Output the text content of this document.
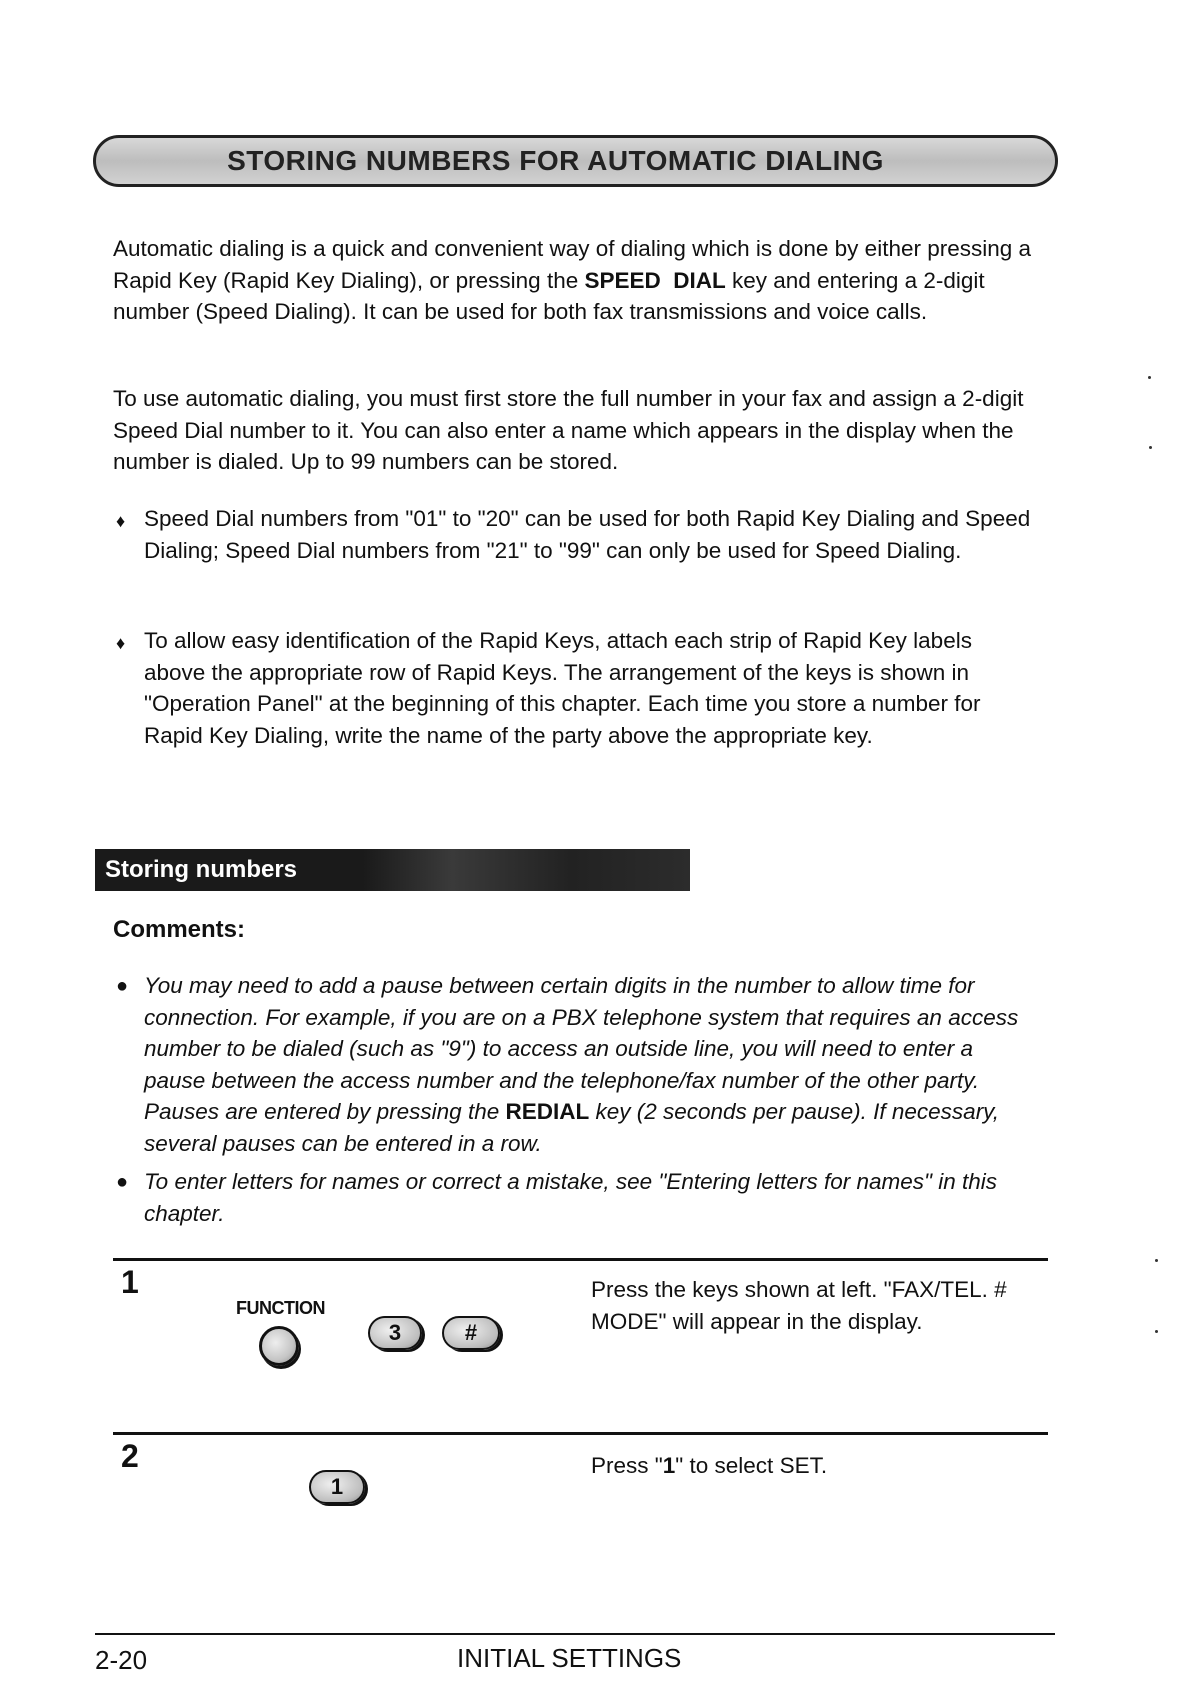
STORING NUMBERS FOR AUTOMATIC DIALING

Automatic dialing is a quick and convenient way of dialing which is done by either pressing a Rapid Key (Rapid Key Dialing), or pressing the SPEED  DIAL key and entering a 2-digit number (Speed Dialing). It can be used for both fax transmissions and voice calls.

To use automatic dialing, you must first store the full number in your fax and assign a 2-digit Speed Dial number to it. You can also enter a name which appears in the display when the number is dialed. Up to 99 numbers can be stored.

♦ Speed Dial numbers from "01" to "20" can be used for both Rapid Key Dialing and Speed Dialing; Speed Dial numbers from "21" to "99" can only be used for Speed Dialing.
♦ To allow easy identification of the Rapid Keys, attach each strip of Rapid Key labels above the appropriate row of Rapid Keys. The arrangement of the keys is shown in "Operation Panel" at the beginning of this chapter. Each time you store a number for Rapid Key Dialing, write the name of the party above the appropriate key.
Storing numbers
Comments:
● You may need to add a pause between certain digits in the number to allow time for connection. For example, if you are on a PBX telephone system that requires an access number to be dialed (such as "9") to access an outside line, you will need to enter a pause between the access number and the telephone/fax number of the other party. Pauses are entered by pressing the REDIAL key (2 seconds per pause). If necessary, several pauses can be entered in a row.
● To enter letters for names or correct a mistake, see "Entering letters for names" in this chapter.
1
FUNCTION
3	#
Press the keys shown at left. "FAX/TEL. # MODE" will appear in the display.
2
1
Press "1" to select SET.
2-20	INITIAL SETTINGS
